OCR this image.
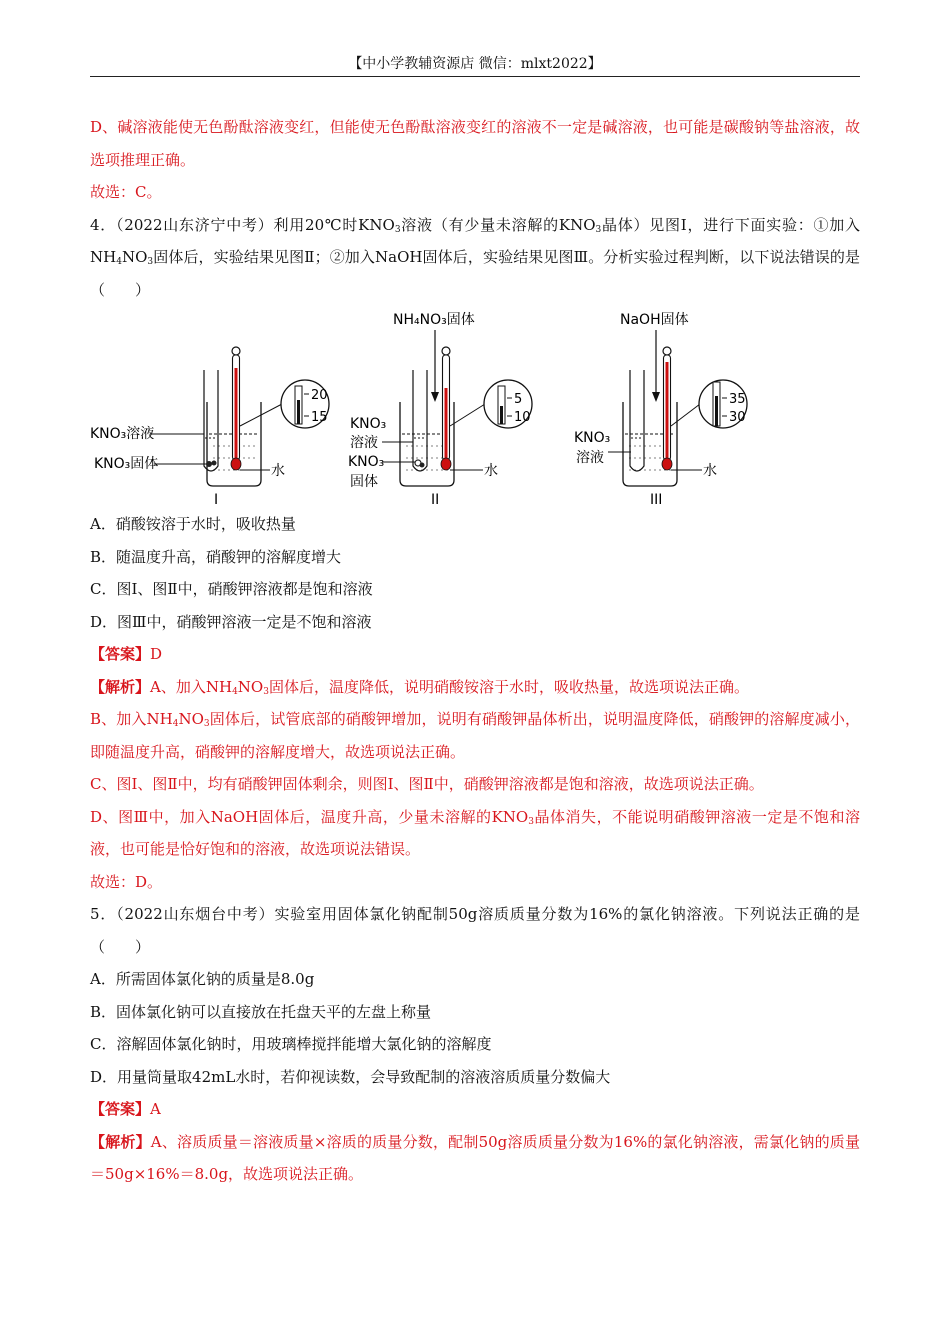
【中小学教辅资源店 微信：mlxt2022】

D、碱溶液能使无色酚酞溶液变红，但能使无色酚酞溶液变红的溶液不一定是碱溶液，也可能是碳酸钠等盐溶液，故选项推理正确。

故选：C。

4．（2022山东济宁中考）利用20℃时$KNO_3$溶液（有少量未溶解的$KNO_3$晶体）见图Ⅰ，进行下面实验：①加入$NH_4NO_3$固体后，实验结果见图Ⅱ；②加入NaOH固体后，实验结果见图Ⅲ。分析实验过程判断，以下说法错误的是（　　）

20
15
KNO₃溶液
KNO₃固体	水
I
NH₄NO₃固体
5
10
KNO₃
溶液
KNO₃
固体
水
II
NaOH固体
35
30
KNO₃
溶液
水
III

A．硝酸铵溶于水时，吸收热量

B．随温度升高，硝酸钾的溶解度增大

C．图Ⅰ、图Ⅱ中，硝酸钾溶液都是饱和溶液

D．图Ⅲ中，硝酸钾溶液一定是不饱和溶液

【答案】D

【解析】A、加入$NH_4NO_3$固体后，温度降低，说明硝酸铵溶于水时，吸收热量，故选项说法正确。

B、加入$NH_4NO_3$固体后，试管底部的硝酸钾增加，说明有硝酸钾晶体析出，说明温度降低，硝酸钾的溶解度减小，即随温度升高，硝酸钾的溶解度增大，故选项说法正确。

C、图Ⅰ、图Ⅱ中，均有硝酸钾固体剩余，则图Ⅰ、图Ⅱ中，硝酸钾溶液都是饱和溶液，故选项说法正确。

D、图Ⅲ中，加入NaOH固体后，温度升高，少量未溶解的$KNO_3$晶体消失，不能说明硝酸钾溶液一定是不饱和溶液，也可能是恰好饱和的溶液，故选项说法错误。

故选：D。

5．（2022山东烟台中考）实验室用固体氯化钠配制50g溶质质量分数为16%的氯化钠溶液。下列说法正确的是（　　）

A．所需固体氯化钠的质量是8.0g

B．固体氯化钠可以直接放在托盘天平的左盘上称量

C．溶解固体氯化钠时，用玻璃棒搅拌能增大氯化钠的溶解度

D．用量筒量取42mL水时，若仰视读数，会导致配制的溶液溶质质量分数偏大

【答案】A

【解析】A、溶质质量＝溶液质量×溶质的质量分数，配制50g溶质质量分数为16%的氯化钠溶液，需氯化钠的质量＝50g×16%＝8.0g，故选项说法正确。
